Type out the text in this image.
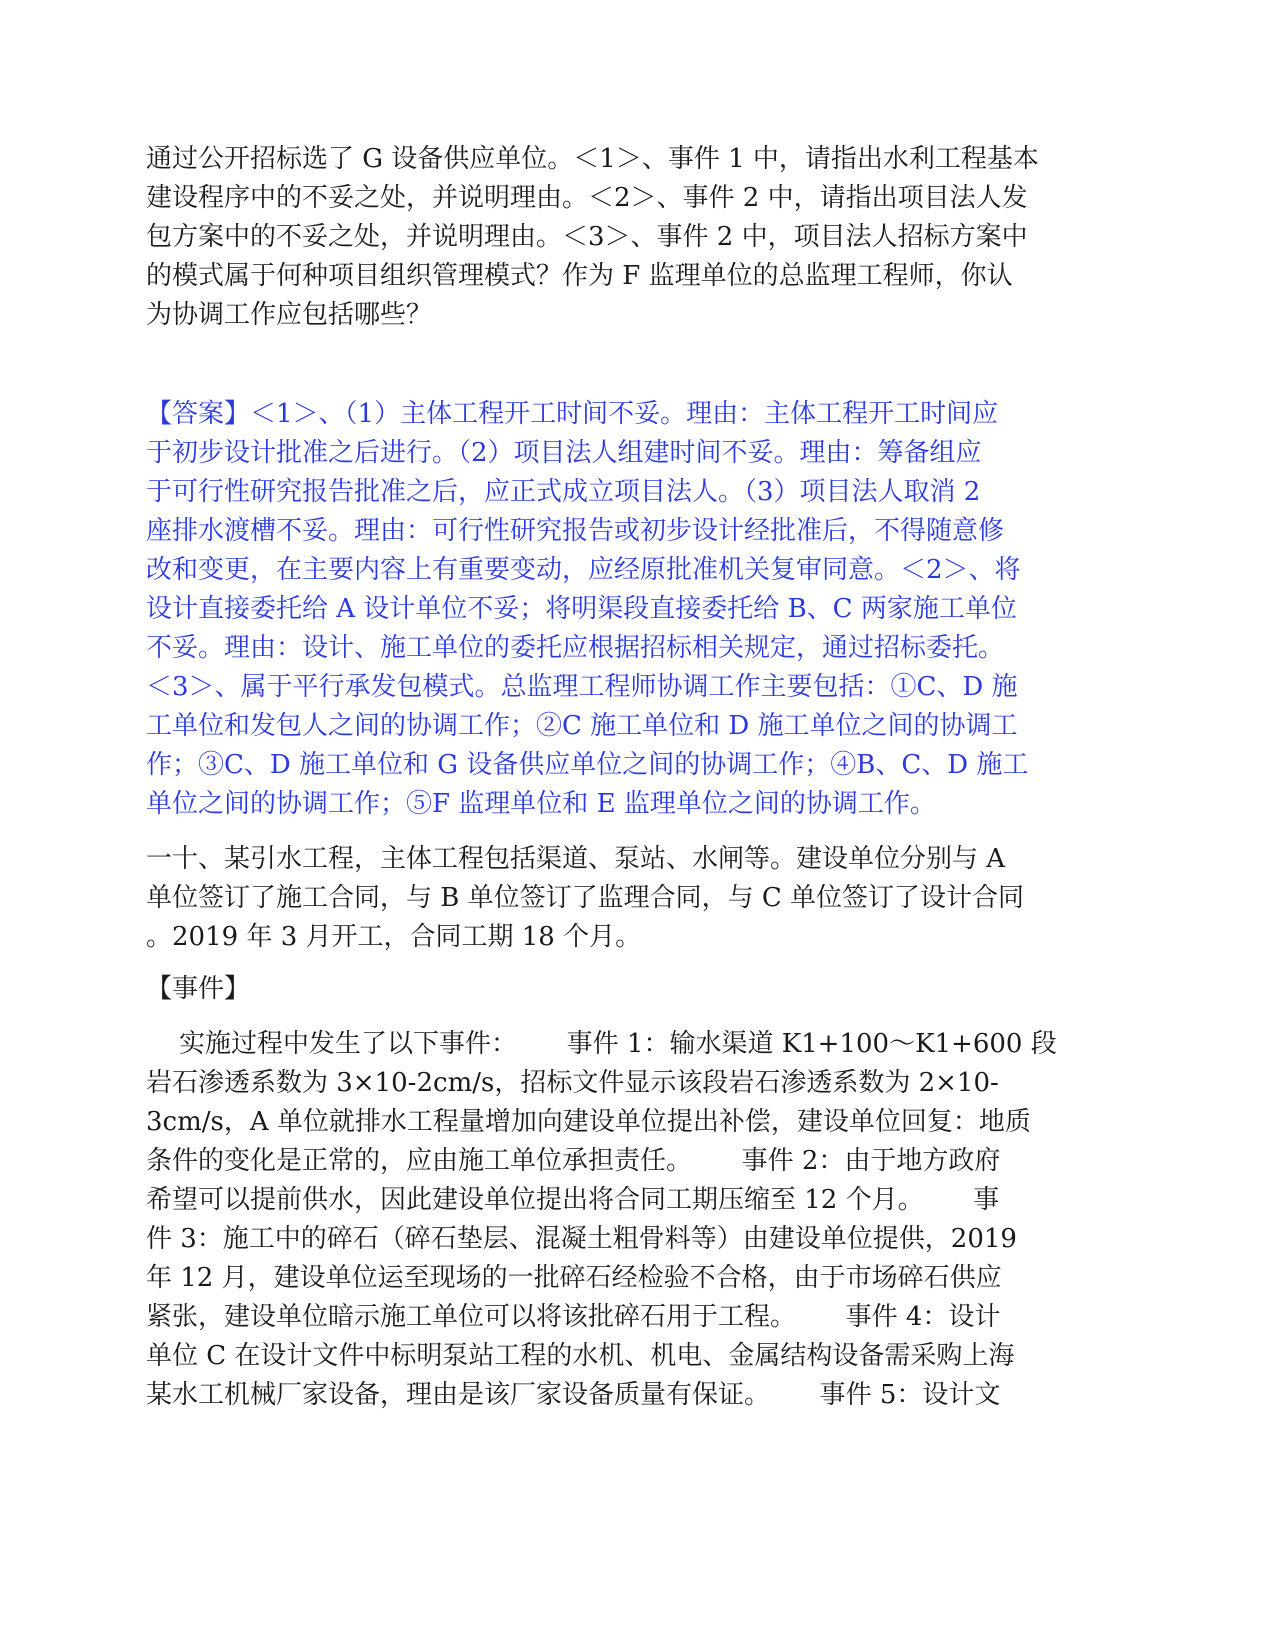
通过公开招标选了 G 设备供应单位。＜1＞、事件 1 中，请指出水利工程基本
建设程序中的不妥之处，并说明理由。＜2＞、事件 2 中，请指出项目法人发
包方案中的不妥之处，并说明理由。＜3＞、事件 2 中，项目法人招标方案中
的模式属于何种项目组织管理模式？作为 F 监理单位的总监理工程师，你认
为协调工作应包括哪些？
【答案】＜1＞、（1）主体工程开工时间不妥。理由：主体工程开工时间应
于初步设计批准之后进行。（2）项目法人组建时间不妥。理由：筹备组应
于可行性研究报告批准之后，应正式成立项目法人。（3）项目法人取消 2
座排水渡槽不妥。理由：可行性研究报告或初步设计经批准后，不得随意修
改和变更，在主要内容上有重要变动，应经原批准机关复审同意。＜2＞、将
设计直接委托给 A 设计单位不妥；将明渠段直接委托给 B、C 两家施工单位
不妥。理由：设计、施工单位的委托应根据招标相关规定，通过招标委托。
＜3＞、属于平行承发包模式。总监理工程师协调工作主要包括：①C、D 施
工单位和发包人之间的协调工作；②C 施工单位和 D 施工单位之间的协调工
作；③C、D 施工单位和 G 设备供应单位之间的协调工作；④B、C、D 施工
单位之间的协调工作；⑤F 监理单位和 E 监理单位之间的协调工作。
一十、某引水工程，主体工程包括渠道、泵站、水闸等。建设单位分别与 A
单位签订了施工合同，与 B 单位签订了监理合同，与 C 单位签订了设计合同
。2019 年 3 月开工，合同工期 18 个月。
【事件】
实施过程中发生了以下事件：      事件 1：输水渠道 K1+100～K1+600 段
岩石渗透系数为 3×10-2cm/s，招标文件显示该段岩石渗透系数为 2×10-
3cm/s，A 单位就排水工程量增加向建设单位提出补偿，建设单位回复：地质
条件的变化是正常的，应由施工单位承担责任。      事件 2：由于地方政府
希望可以提前供水，因此建设单位提出将合同工期压缩至 12 个月。      事
件 3：施工中的碎石（碎石垫层、混凝土粗骨料等）由建设单位提供，2019
年 12 月，建设单位运至现场的一批碎石经检验不合格，由于市场碎石供应
紧张，建设单位暗示施工单位可以将该批碎石用于工程。      事件 4：设计
单位 C 在设计文件中标明泵站工程的水机、机电、金属结构设备需采购上海
某水工机械厂家设备，理由是该厂家设备质量有保证。      事件 5：设计文
